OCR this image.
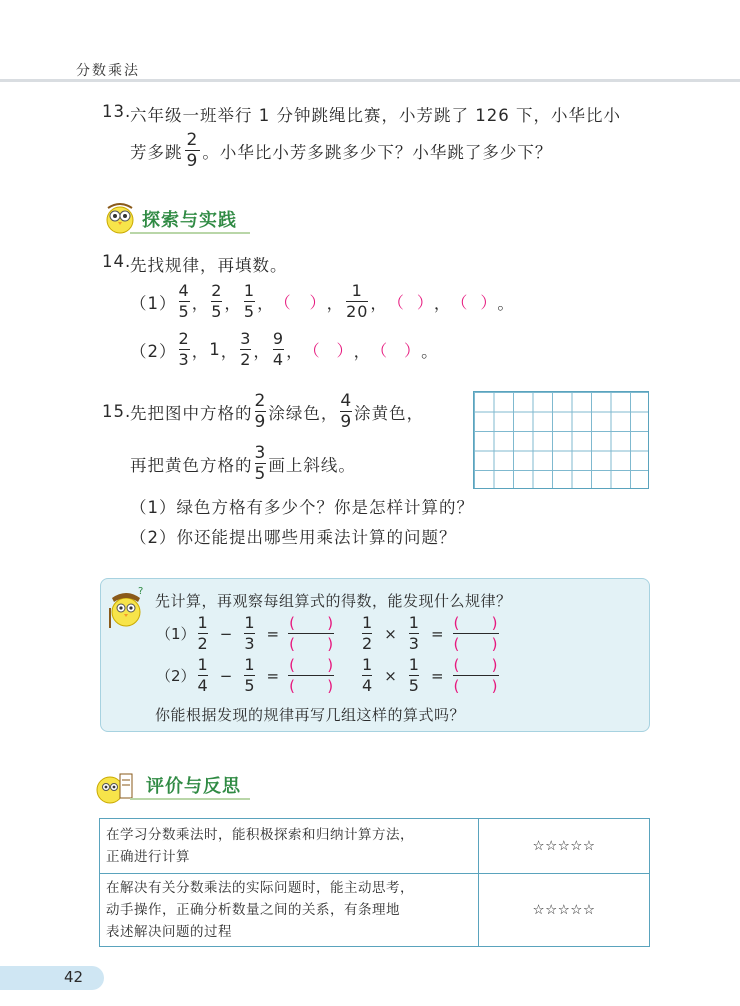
分数乘法
13.
六年级一班举行 1 分钟跳绳比赛，小芳跳了 126 下，小华比小
芳多跳 $\frac{2}{9}$ 。小华比小芳多跳多少下？小华跳了多少下？
探索与实践
14.
先找规律，再填数。
$(1) \frac{4}{5}$ ， $\frac{2}{5}$ ， $\frac{1}{5}$ ， （ ） ， $\frac{1}{20}$ ， （ ） ， （ ） 。
$(2) \frac{2}{3}$ ， 1 ， $\frac{3}{2}$ ， $\frac{9}{4}$ ， （ ） ， （ ） 。
15.
先把图中方格的 $\frac{2}{9}$ 涂绿色， $\frac{4}{9}$ 涂黄色，
再把黄色方格的 $\frac{3}{5}$ 画上斜线。
（1）绿色方格有多少个？你是怎样计算的？
（2）你还能提出哪些用乘法计算的问题？
?
先计算，再观察每组算式的得数，能发现什么规律？
$(1) \frac{1}{2} - \frac{1}{3} = \frac{( )}{( )} \frac{1}{2} \times \frac{1}{3} = \frac{( )}{( )}$
$(2) \frac{1}{4} - \frac{1}{5} = \frac{( )}{( )} \frac{1}{4} \times \frac{1}{5} = \frac{( )}{( )}$
你能根据发现的规律再写几组这样的算式吗？
评价与反思
在学习分数乘法时，能积极探索和归纳计算方法，
正确进行计算	☆☆☆☆☆

在解决有关分数乘法的实际问题时，能主动思考，
动手操作，正确分析数量之间的关系，有条理地
表述解决问题的过程	☆☆☆☆☆
42
